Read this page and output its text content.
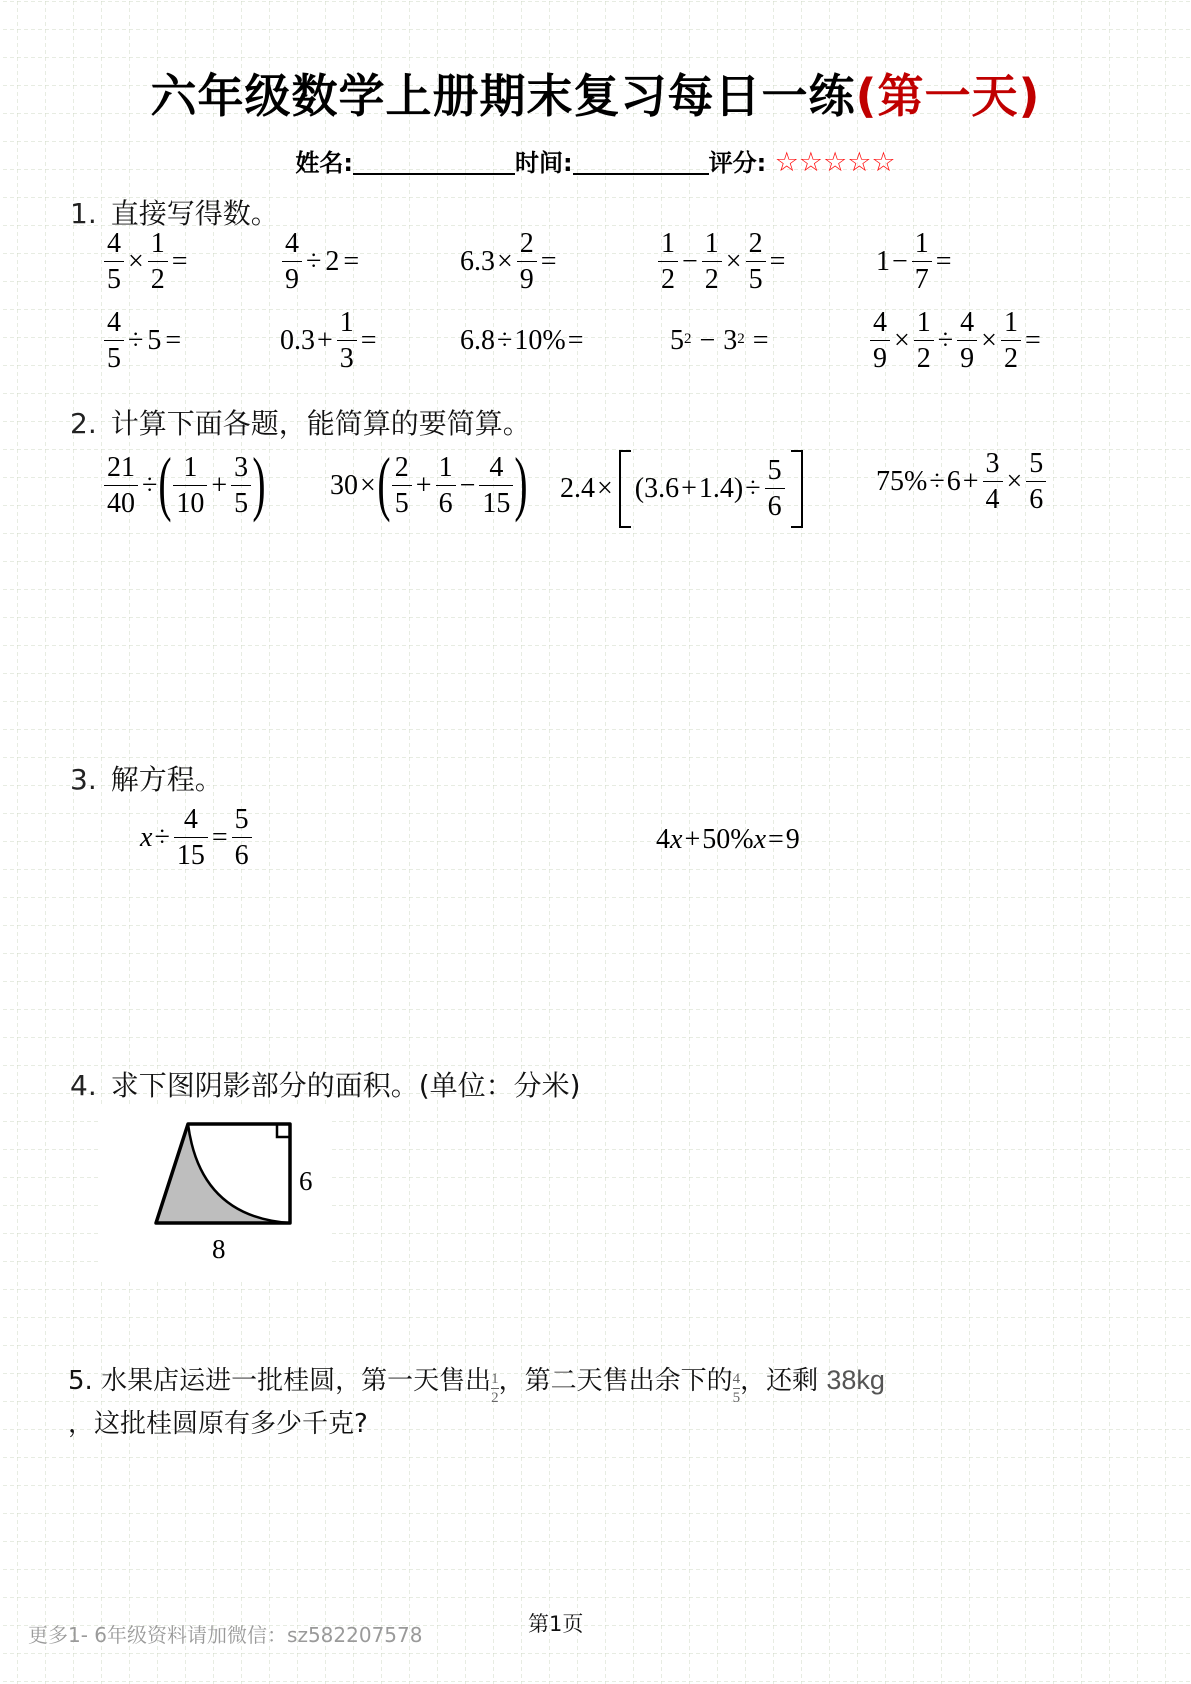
六年级数学上册期末复习每日一练(第一天)
姓名:	时间:	评分: ☆☆☆☆☆
1. 直接写得数。
$\frac{4}{5} \times \frac{1}{2}$ =	$\frac{4}{9} \div 2$ =	$6.3 \times \frac{2}{9}$ =	$\frac{1}{2} - \frac{1}{2} \times \frac{2}{5}$ =	$1 - \frac{1}{7}$ =
$\frac{4}{5} \div 5$ =	$0.3 + \frac{1}{3}$ =	6.8 ÷ 10% =	$5^2 - 3^2$ =	$\frac{4}{9} \times \frac{1}{2} \div \frac{4}{9} \times \frac{1}{2}$ =
2. 计算下面各题，能简算的要简算。
$\frac{21}{40}$ ÷ ( $\frac{1}{10} + \frac{3}{5}$ ) 30 × ( $\frac{2}{5} + \frac{1}{6} - \frac{4}{15}$ ) $2.4 \times (3.6 + 1.4) \div \frac{5}{6}$	$75\% \div 6 + \frac{3}{4} \times \frac{5}{6}$
3. 解方程。
$x \div \frac{4}{15} = \frac{5}{6}$	4 x + 50% x = 9
4. 求下图阴影部分的面积。(单位：分米)
6
8
5. 水果店运进一批桂圆，第一天售出 $\frac{1}{2}$ ，第二天售出余下的 $\frac{4}{5}$ ，还剩 38kg
，这批桂圆原有多少千克?
更多1- 6年级资料请加微信：sz582207578	第1页
